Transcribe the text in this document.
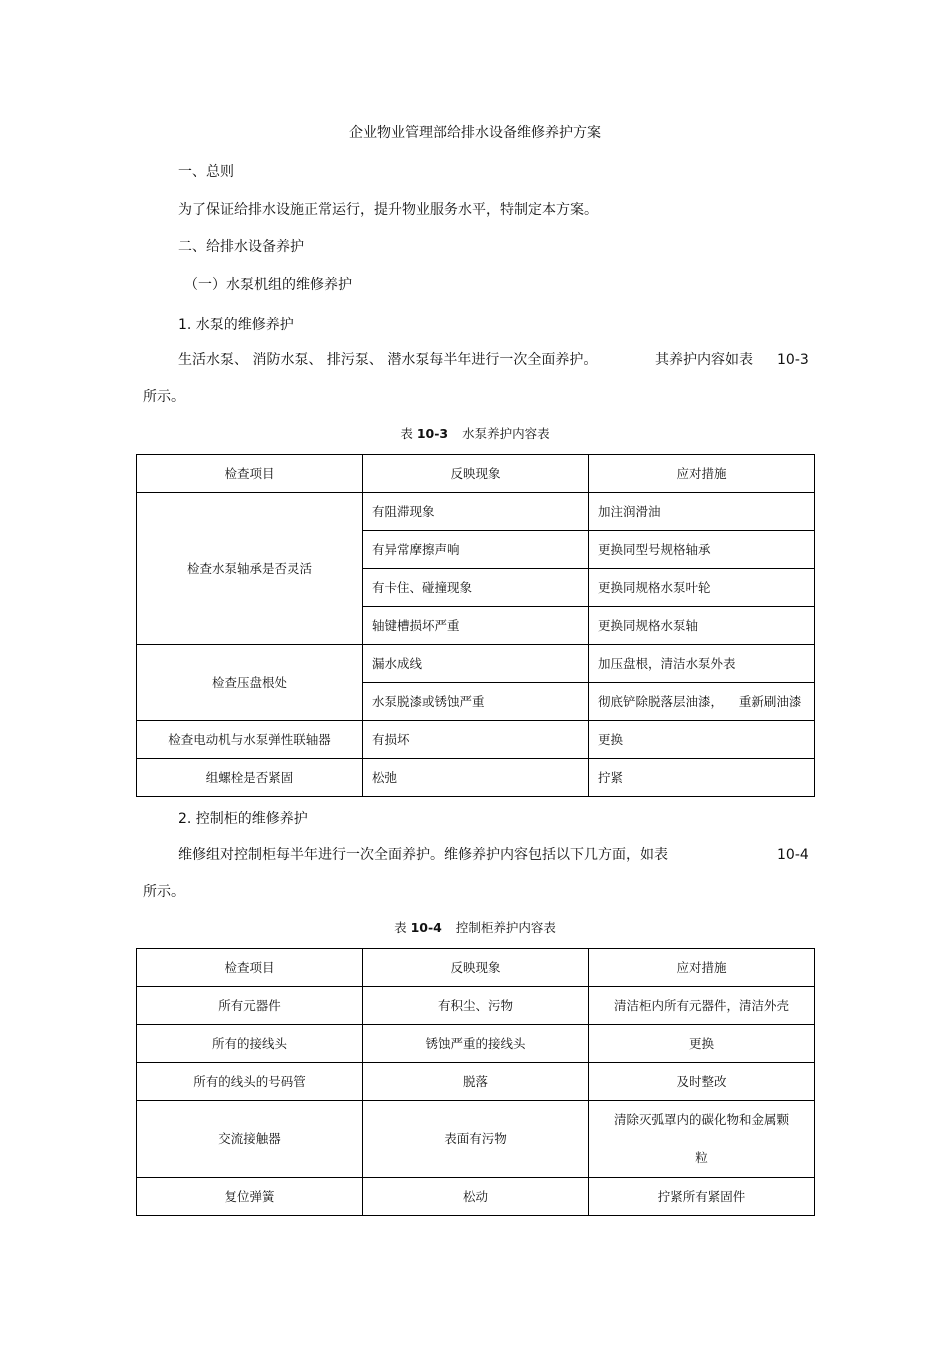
企业物业管理部给排水设备维修养护方案
一、总则
为了保证给排水设施正常运行，提升物业服务水平，特制定本方案。
二、给排水设备养护
（一）水泵机组的维修养护
1. 水泵的维修养护
生活水泵、 消防水泵、 排污泵、 潜水泵每半年进行一次全面养护。	其养护内容如表 10-3
所示。
表 10-3 水泵养护内容表
检查项目	反映现象	应对措施
检查水泵轴承是否灵活	有阻滞现象	加注润滑油
	有异常摩擦声响	更换同型号规格轴承
	有卡住、碰撞现象	更换同规格水泵叶轮
	轴键槽损坏严重	更换同规格水泵轴
检查压盘根处	漏水成线	加压盘根，清洁水泵外表
	水泵脱漆或锈蚀严重	彻底铲除脱落层油漆，    重新刷油漆
检查电动机与水泵弹性联轴器	有损坏	更换
组螺栓是否紧固	松弛	拧紧
2. 控制柜的维修养护
维修组对控制柜每半年进行一次全面养护。维修养护内容包括以下几方面，如表	10-4
所示。
表 10-4 控制柜养护内容表
检查项目	反映现象	应对措施
所有元器件	有积尘、污物	清洁柜内所有元器件，清洁外壳
所有的接线头	锈蚀严重的接线头	更换
所有的线头的号码管	脱落	及时整改
交流接触器	表面有污物	清除灭弧罩内的碳化物和金属颗
粒

复位弹簧	松动	拧紧所有紧固件
